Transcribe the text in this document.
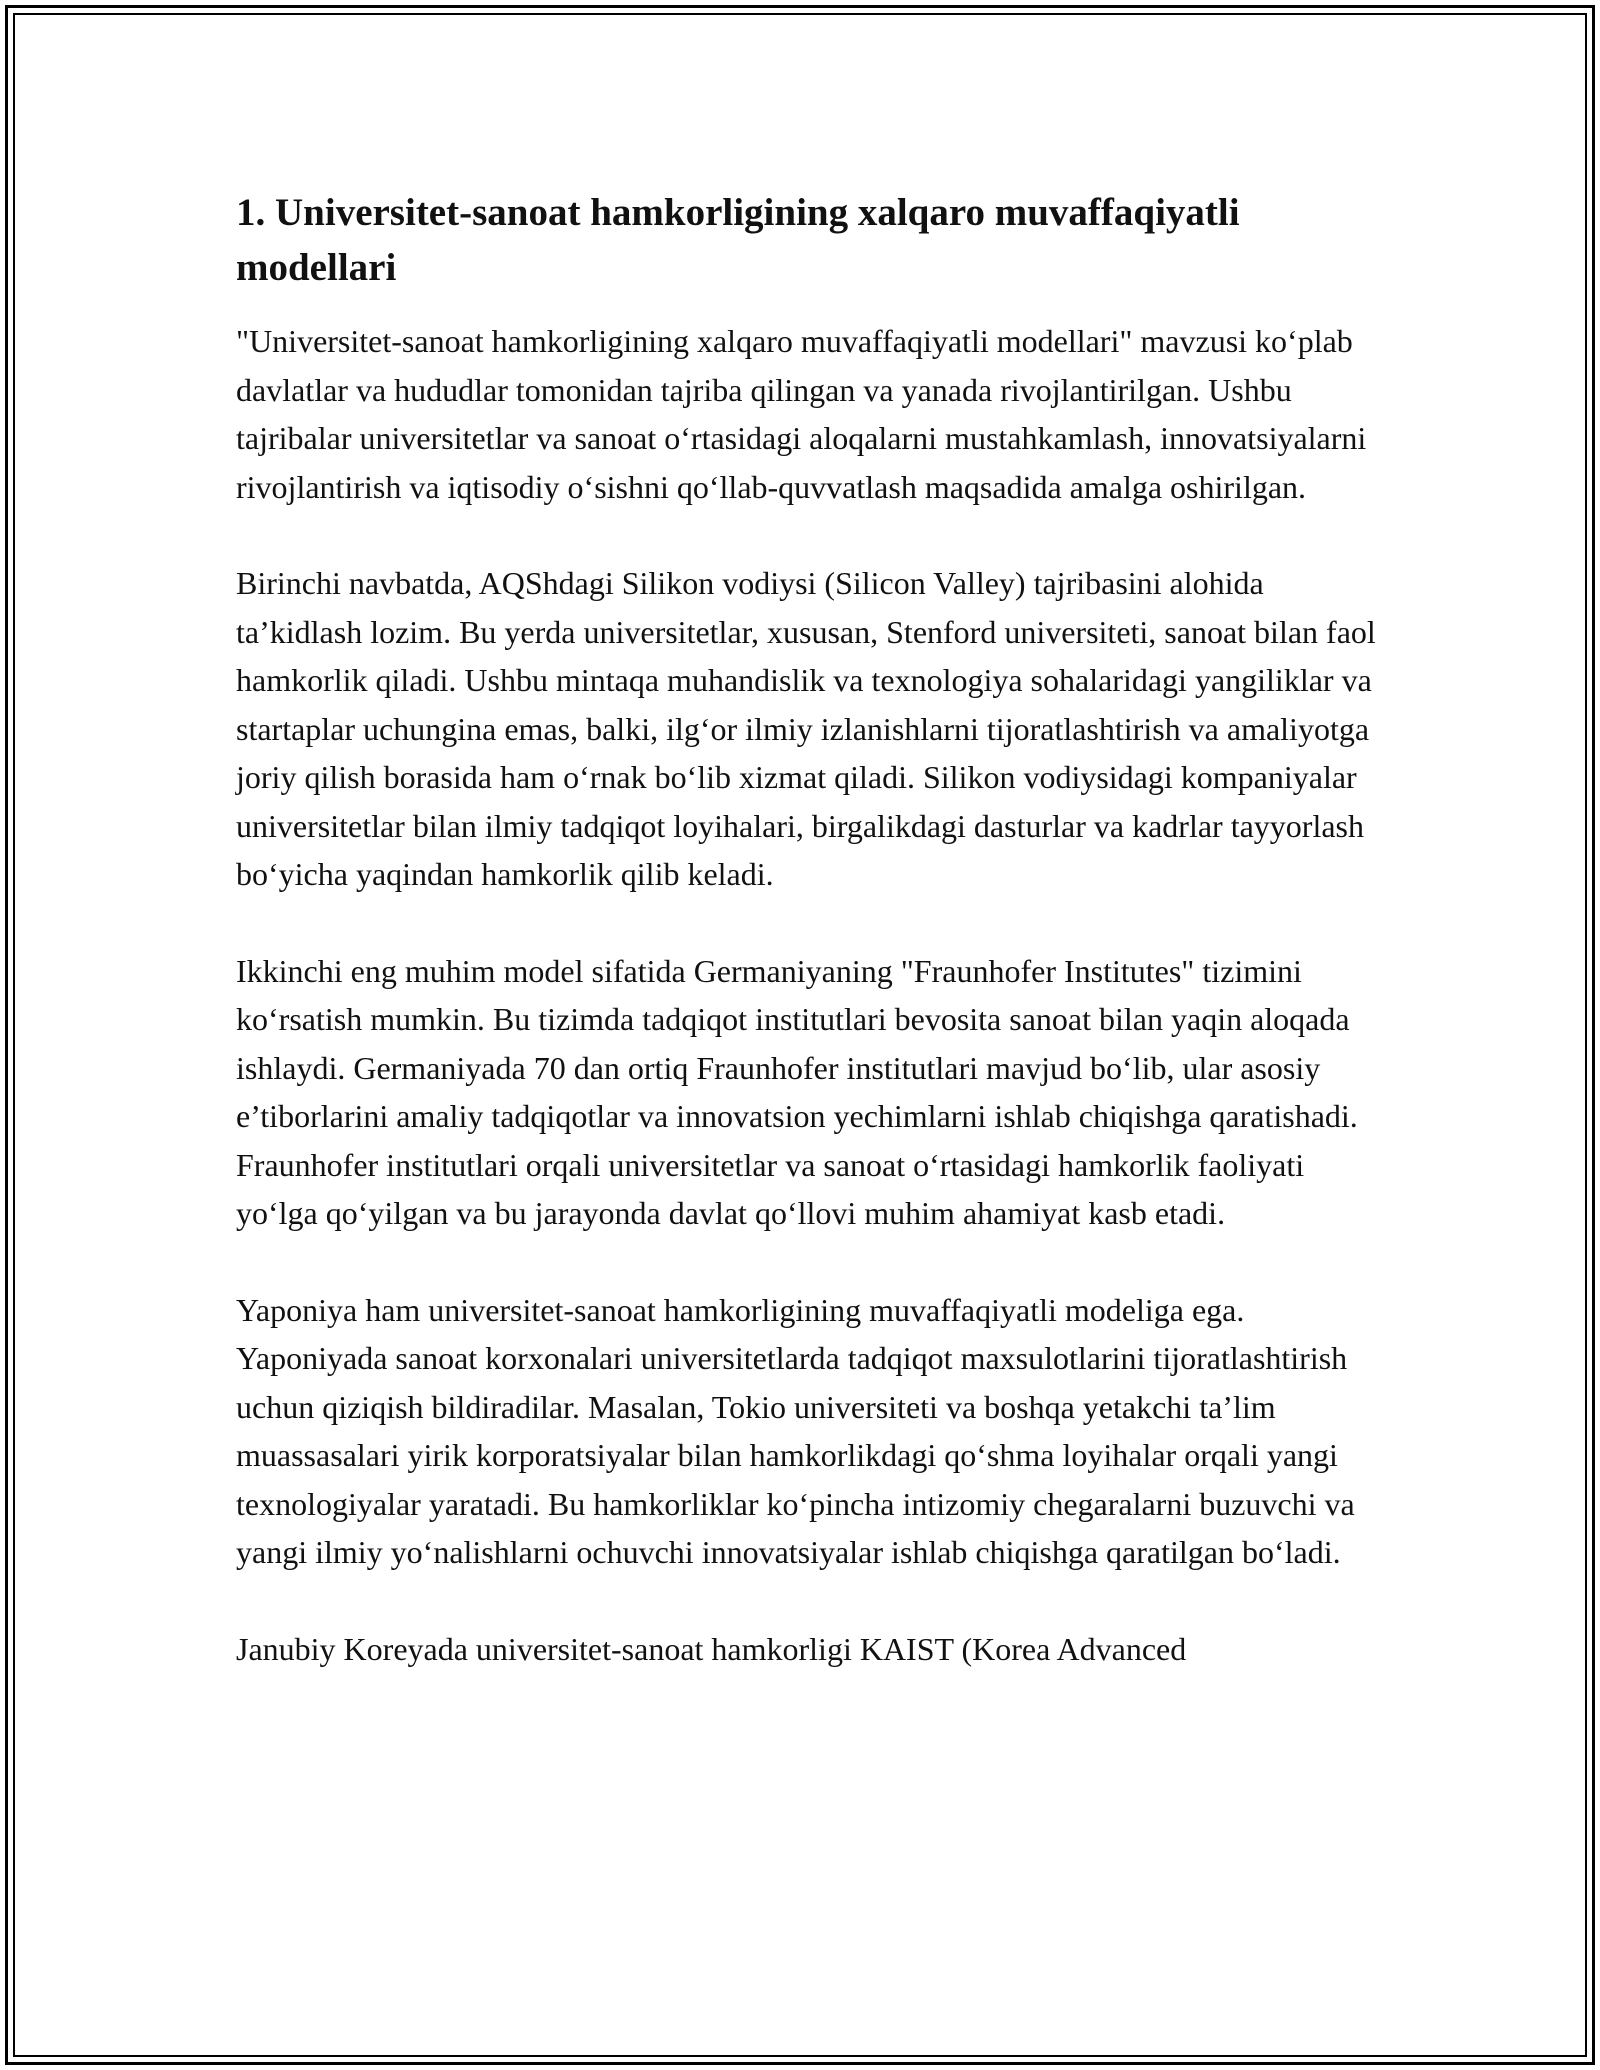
1. Universitet-sanoat hamkorligining xalqaro muvaffaqiyatli modellari

"Universitet-sanoat hamkorligining xalqaro muvaffaqiyatli modellari" mavzusi ko‘plab davlatlar va hududlar tomonidan tajriba qilingan va yanada rivojlantirilgan. Ushbu tajribalar universitetlar va sanoat o‘rtasidagi aloqalarni mustahkamlash, innovatsiyalarni rivojlantirish va iqtisodiy o‘sishni qo‘llab-quvvatlash maqsadida amalga oshirilgan.

Birinchi navbatda, AQShdagi Silikon vodiysi (Silicon Valley) tajribasini alohida ta’kidlash lozim. Bu yerda universitetlar, xususan, Stenford universiteti, sanoat bilan faol hamkorlik qiladi. Ushbu mintaqa muhandislik va texnologiya sohalaridagi yangiliklar va startaplar uchungina emas, balki, ilg‘or ilmiy izlanishlarni tijoratlashtirish va amaliyotga joriy qilish borasida ham o‘rnak bo‘lib xizmat qiladi. Silikon vodiysidagi kompaniyalar universitetlar bilan ilmiy tadqiqot loyihalari, birgalikdagi dasturlar va kadrlar tayyorlash bo‘yicha yaqindan hamkorlik qilib keladi.

Ikkinchi eng muhim model sifatida Germaniyaning "Fraunhofer Institutes" tizimini ko‘rsatish mumkin. Bu tizimda tadqiqot institutlari bevosita sanoat bilan yaqin aloqada ishlaydi. Germaniyada 70 dan ortiq Fraunhofer institutlari mavjud bo‘lib, ular asosiy e’tiborlarini amaliy tadqiqotlar va innovatsion yechimlarni ishlab chiqishga qaratishadi. Fraunhofer institutlari orqali universitetlar va sanoat o‘rtasidagi hamkorlik faoliyati yo‘lga qo‘yilgan va bu jarayonda davlat qo‘llovi muhim ahamiyat kasb etadi.

Yaponiya ham universitet-sanoat hamkorligining muvaffaqiyatli modeliga ega. Yaponiyada sanoat korxonalari universitetlarda tadqiqot maxsulotlarini tijoratlashtirish uchun qiziqish bildiradilar. Masalan, Tokio universiteti va boshqa yetakchi ta’lim muassasalari yirik korporatsiyalar bilan hamkorlikdagi qo‘shma loyihalar orqali yangi texnologiyalar yaratadi. Bu hamkorliklar ko‘pincha intizomiy chegaralarni buzuvchi va yangi ilmiy yo‘nalishlarni ochuvchi innovatsiyalar ishlab chiqishga qaratilgan bo‘ladi.

Janubiy Koreyada universitet-sanoat hamkorligi KAIST (Korea Advanced
